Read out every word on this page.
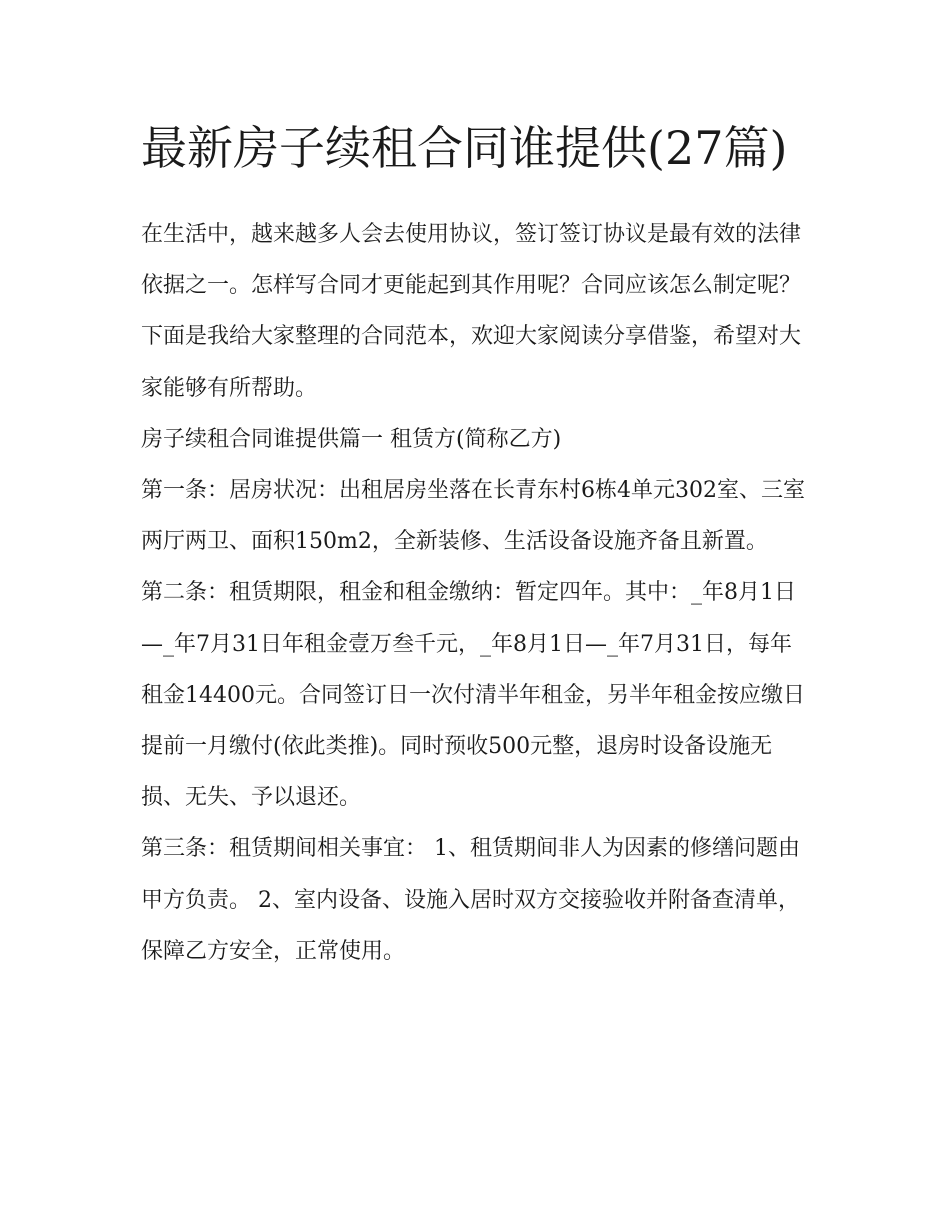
最新房子续租合同谁提供(27篇)

在生活中，越来越多人会去使用协议，签订签订协议是最有效的法律依据之一。怎样写合同才更能起到其作用呢？合同应该怎么制定呢？下面是我给大家整理的合同范本，欢迎大家阅读分享借鉴，希望对大家能够有所帮助。

房子续租合同谁提供篇一 租赁方(简称乙方)

第一条：居房状况：出租居房坐落在长青东村6栋4单元302室、三室两厅两卫、面积150m2，全新装修、生活设备设施齐备且新置。

第二条：租赁期限，租金和租金缴纳：暂定四年。其中：_年8月1日—_年7月31日年租金壹万叁千元，_年8月1日—_年7月31日，每年租金14400元。合同签订日一次付清半年租金，另半年租金按应缴日提前一月缴付(依此类推)。同时预收500元整，退房时设备设施无损、无失、予以退还。

第三条：租赁期间相关事宜： 1、租赁期间非人为因素的修缮问题由甲方负责。 2、室内设备、设施入居时双方交接验收并附备查清单，保障乙方安全，正常使用。
